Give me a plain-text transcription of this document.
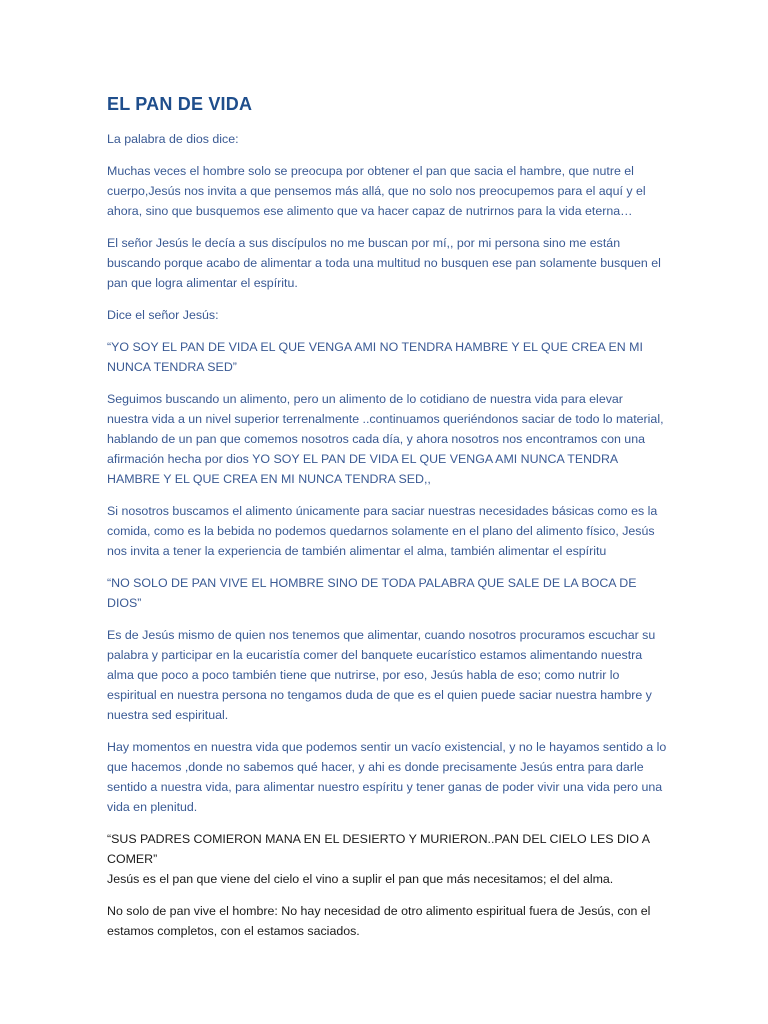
EL PAN DE VIDA

La palabra de dios dice:

Muchas veces el hombre solo se preocupa por obtener el pan que sacia el hambre, que nutre el cuerpo,Jesús nos invita a que pensemos más allá, que no solo nos preocupemos para el aquí y el ahora, sino que busquemos ese alimento que va hacer capaz de nutrirnos para la vida eterna…

El señor Jesús le decía a sus discípulos no me buscan por mí,, por mi persona sino me están buscando porque acabo de alimentar a toda una multitud no busquen ese pan solamente busquen el pan que logra alimentar el espíritu.

Dice el señor Jesús:

“YO SOY EL PAN DE VIDA EL QUE VENGA AMI NO TENDRA HAMBRE Y EL QUE CREA EN MI NUNCA TENDRA SED”

Seguimos buscando un alimento, pero un alimento de lo cotidiano de nuestra vida para elevar nuestra vida a un nivel superior terrenalmente ..continuamos queriéndonos saciar de todo lo material, hablando de un pan que comemos nosotros cada día, y ahora nosotros nos encontramos con una afirmación hecha por dios YO SOY EL PAN DE VIDA EL QUE VENGA AMI NUNCA TENDRA HAMBRE Y EL QUE CREA EN MI NUNCA TENDRA SED,,

Si nosotros buscamos el alimento únicamente para saciar nuestras necesidades básicas como es la comida, como es la bebida no podemos quedarnos solamente en el plano del alimento físico, Jesús nos invita a tener la experiencia de también alimentar el alma, también alimentar el espíritu

“NO SOLO DE PAN VIVE EL HOMBRE SINO DE TODA PALABRA QUE SALE DE LA BOCA DE DIOS”

Es de Jesús mismo de quien nos tenemos que alimentar, cuando nosotros procuramos escuchar su palabra y participar en la eucaristía comer del banquete eucarístico estamos alimentando nuestra alma que poco a poco también tiene que nutrirse, por eso, Jesús habla de eso; como nutrir lo espiritual en nuestra persona no tengamos duda de que es el quien puede saciar nuestra hambre y nuestra sed espiritual.

Hay momentos en nuestra vida que podemos sentir un vacío existencial, y no le hayamos sentido a lo que hacemos ,donde no sabemos qué hacer, y ahi es donde precisamente Jesús entra para darle sentido a nuestra vida, para alimentar nuestro espíritu y tener ganas de poder vivir una vida pero una vida en plenitud.

“SUS PADRES COMIERON MANA EN EL DESIERTO Y MURIERON..PAN DEL CIELO LES DIO A COMER”

Jesús es el pan que viene del cielo el vino a suplir el pan que más necesitamos; el del alma.

No solo de pan vive el hombre: No hay necesidad de otro alimento espiritual fuera de Jesús, con el estamos completos, con el estamos saciados.
